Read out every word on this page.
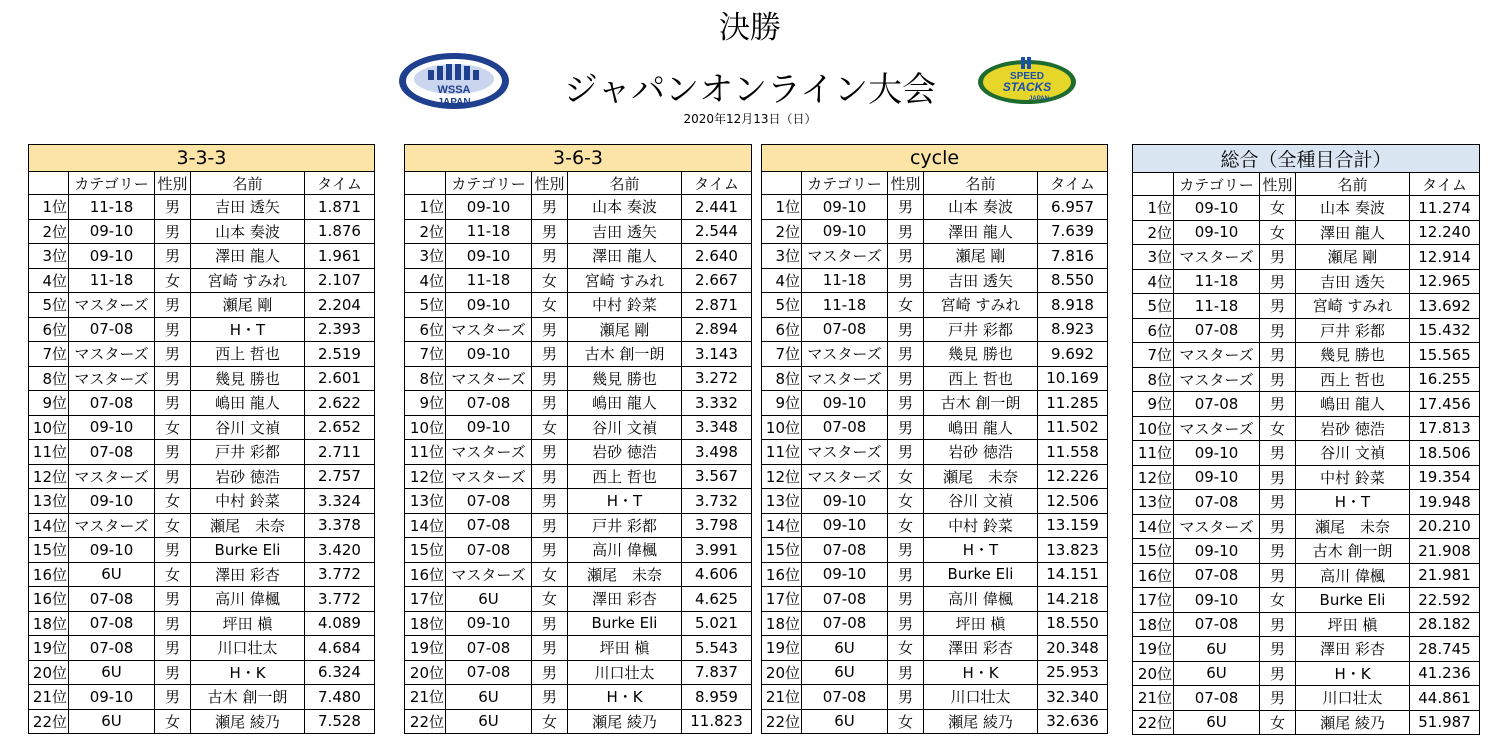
決勝
ジャパンオンライン大会
2020年12月13日（日）
WSSA
JAPAN
SPEED
STACKS
JAPAN
3-3-3				
	カテゴリー	性別	名前	タイム
1位	11-18	男	吉田 透矢	1.871
2位	09-10	男	山本 奏波	1.876
3位	09-10	男	澤田 龍人	1.961
4位	11-18	女	宮崎 すみれ	2.107
5位	マスターズ	男	瀬尾 剛	2.204
6位	07-08	男	H・T	2.393
7位	マスターズ	男	西上 哲也	2.519
8位	マスターズ	男	幾見 勝也	2.601
9位	07-08	男	嶋田 龍人	2.622
10位	09-10	女	谷川 文禎	2.652
11位	07-08	男	戸井 彩都	2.711
12位	マスターズ	男	岩砂 徳浩	2.757
13位	09-10	女	中村 鈴菜	3.324
14位	マスターズ	女	瀬尾　未奈	3.378
15位	09-10	男	Burke Eli	3.420
16位	6U	女	澤田 彩杏	3.772
16位	07-08	男	高川 偉楓	3.772
18位	07-08	男	坪田 槇	4.089
19位	07-08	男	川口壮太	4.684
20位	6U	男	H・K	6.324
21位	09-10	男	古木 創一朗	7.480
22位	6U	女	瀬尾 綾乃	7.528
3-6-3				
	カテゴリー	性別	名前	タイム
1位	09-10	男	山本 奏波	2.441
2位	11-18	男	吉田 透矢	2.544
3位	09-10	男	澤田 龍人	2.640
4位	11-18	女	宮崎 すみれ	2.667
5位	09-10	女	中村 鈴菜	2.871
6位	マスターズ	男	瀬尾 剛	2.894
7位	09-10	男	古木 創一朗	3.143
8位	マスターズ	男	幾見 勝也	3.272
9位	07-08	男	嶋田 龍人	3.332
10位	09-10	女	谷川 文禎	3.348
11位	マスターズ	男	岩砂 徳浩	3.498
12位	マスターズ	男	西上 哲也	3.567
13位	07-08	男	H・T	3.732
14位	07-08	男	戸井 彩都	3.798
15位	07-08	男	高川 偉楓	3.991
16位	マスターズ	女	瀬尾　未奈	4.606
17位	6U	女	澤田 彩杏	4.625
18位	09-10	男	Burke Eli	5.021
19位	07-08	男	坪田 槇	5.543
20位	07-08	男	川口壮太	7.837
21位	6U	男	H・K	8.959
22位	6U	女	瀬尾 綾乃	11.823
cycle				
	カテゴリー	性別	名前	タイム
1位	09-10	男	山本 奏波	6.957
2位	09-10	男	澤田 龍人	7.639
3位	マスターズ	男	瀬尾 剛	7.816
4位	11-18	男	吉田 透矢	8.550
5位	11-18	女	宮崎 すみれ	8.918
6位	07-08	男	戸井 彩都	8.923
7位	マスターズ	男	幾見 勝也	9.692
8位	マスターズ	男	西上 哲也	10.169
9位	09-10	男	古木 創一朗	11.285
10位	07-08	男	嶋田 龍人	11.502
11位	マスターズ	男	岩砂 徳浩	11.558
12位	マスターズ	女	瀬尾　未奈	12.226
13位	09-10	女	谷川 文禎	12.506
14位	09-10	女	中村 鈴菜	13.159
15位	07-08	男	H・T	13.823
16位	09-10	男	Burke Eli	14.151
17位	07-08	男	高川 偉楓	14.218
18位	07-08	男	坪田 槇	18.550
19位	6U	女	澤田 彩杏	20.348
20位	6U	男	H・K	25.953
21位	07-08	男	川口壮太	32.340
22位	6U	女	瀬尾 綾乃	32.636
総合（全種目合計）				
	カテゴリー	性別	名前	タイム
1位	09-10	女	山本 奏波	11.274
2位	09-10	女	澤田 龍人	12.240
3位	マスターズ	男	瀬尾 剛	12.914
4位	11-18	男	吉田 透矢	12.965
5位	11-18	男	宮崎 すみれ	13.692
6位	07-08	男	戸井 彩都	15.432
7位	マスターズ	男	幾見 勝也	15.565
8位	マスターズ	男	西上 哲也	16.255
9位	07-08	男	嶋田 龍人	17.456
10位	マスターズ	女	岩砂 徳浩	17.813
11位	09-10	男	谷川 文禎	18.506
12位	09-10	男	中村 鈴菜	19.354
13位	07-08	男	H・T	19.948
14位	マスターズ	男	瀬尾　未奈	20.210
15位	09-10	男	古木 創一朗	21.908
16位	07-08	男	高川 偉楓	21.981
17位	09-10	女	Burke Eli	22.592
18位	07-08	男	坪田 槇	28.182
19位	6U	男	澤田 彩杏	28.745
20位	6U	男	H・K	41.236
21位	07-08	男	川口壮太	44.861
22位	6U	女	瀬尾 綾乃	51.987
